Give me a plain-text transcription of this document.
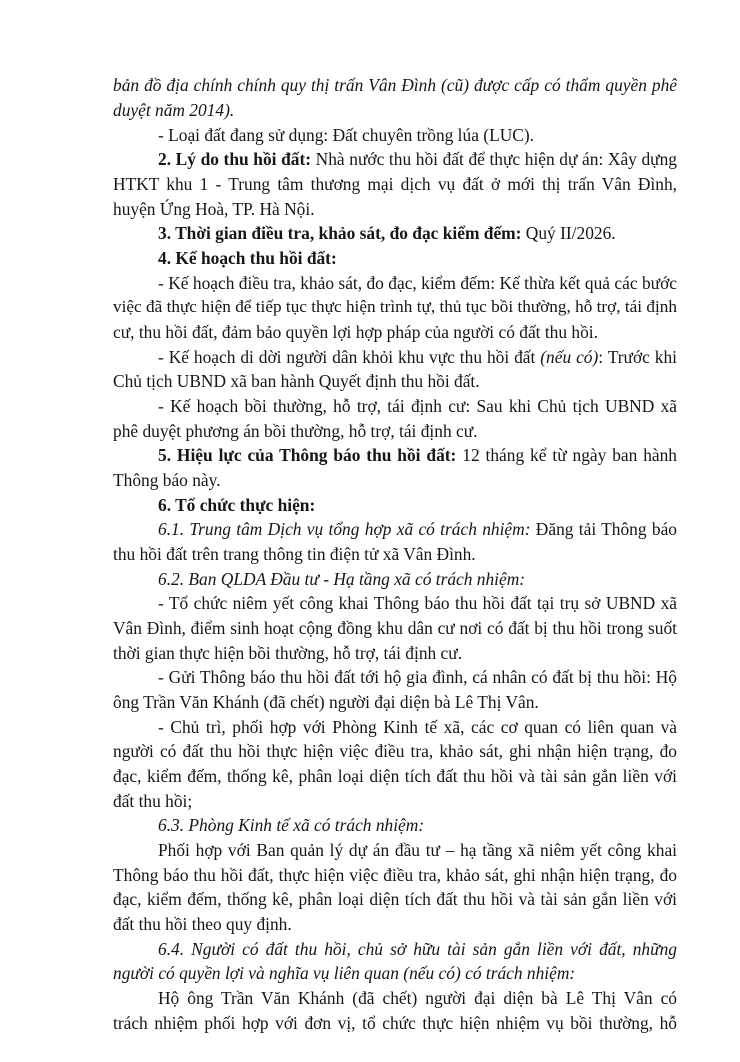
bản đồ địa chính chính quy thị trấn Vân Đình (cũ) được cấp có thẩm quyền phê
duyệt năm 2014).
- Loại đất đang sử dụng: Đất chuyên trồng lúa (LUC).
2. Lý do thu hồi đất: Nhà nước thu hồi đất để thực hiện dự án: Xây dựng
HTKT khu 1 - Trung tâm thương mại dịch vụ đất ở mới thị trấn Vân Đình,
huyện Ứng Hoà, TP. Hà Nội.
3. Thời gian điều tra, khảo sát, đo đạc kiểm đếm: Quý II/2026.
4. Kế hoạch thu hồi đất:
- Kế hoạch điều tra, khảo sát, đo đạc, kiểm đếm: Kế thừa kết quả các bước
việc đã thực hiện để tiếp tục thực hiện trình tự, thủ tục bồi thường, hỗ trợ, tái định
cư, thu hồi đất, đảm bảo quyền lợi hợp pháp của người có đất thu hồi.
- Kế hoạch di dời người dân khỏi khu vực thu hồi đất (nếu có): Trước khi
Chủ tịch UBND xã ban hành Quyết định thu hồi đất.
- Kế hoạch bồi thường, hỗ trợ, tái định cư: Sau khi Chủ tịch UBND xã
phê duyệt phương án bồi thường, hỗ trợ, tái định cư.
5. Hiệu lực của Thông báo thu hồi đất: 12 tháng kể từ ngày ban hành
Thông báo này.
6. Tổ chức thực hiện:
6.1. Trung tâm Dịch vụ tổng hợp xã có trách nhiệm: Đăng tải Thông báo
thu hồi đất trên trang thông tin điện tử xã Vân Đình.
6.2. Ban QLDA Đầu tư - Hạ tầng xã có trách nhiệm:
- Tổ chức niêm yết công khai Thông báo thu hồi đất tại trụ sở UBND xã
Vân Đình, điểm sinh hoạt cộng đồng khu dân cư nơi có đất bị thu hồi trong suốt
thời gian thực hiện bồi thường, hỗ trợ, tái định cư.
- Gửi Thông báo thu hồi đất tới hộ gia đình, cá nhân có đất bị thu hồi: Hộ
ông Trần Văn Khánh (đã chết) người đại diện bà Lê Thị Vân.
- Chủ trì, phối hợp với Phòng Kinh tế xã, các cơ quan có liên quan và
người có đất thu hồi thực hiện việc điều tra, khảo sát, ghi nhận hiện trạng, đo
đạc, kiểm đếm, thống kê, phân loại diện tích đất thu hồi và tài sản gắn liền với
đất thu hồi;
6.3. Phòng Kinh tế xã có trách nhiệm:
Phối hợp với Ban quản lý dự án đầu tư – hạ tầng xã niêm yết công khai
Thông báo thu hồi đất, thực hiện việc điều tra, khảo sát, ghi nhận hiện trạng, đo
đạc, kiểm đếm, thống kê, phân loại diện tích đất thu hồi và tài sản gắn liền với
đất thu hồi theo quy định.
6.4. Người có đất thu hồi, chủ sở hữu tài sản gắn liền với đất, những
người có quyền lợi và nghĩa vụ liên quan (nếu có) có trách nhiệm:
Hộ ông Trần Văn Khánh (đã chết) người đại diện bà Lê Thị Vân có
trách nhiệm phối hợp với đơn vị, tổ chức thực hiện nhiệm vụ bồi thường, hỗ
